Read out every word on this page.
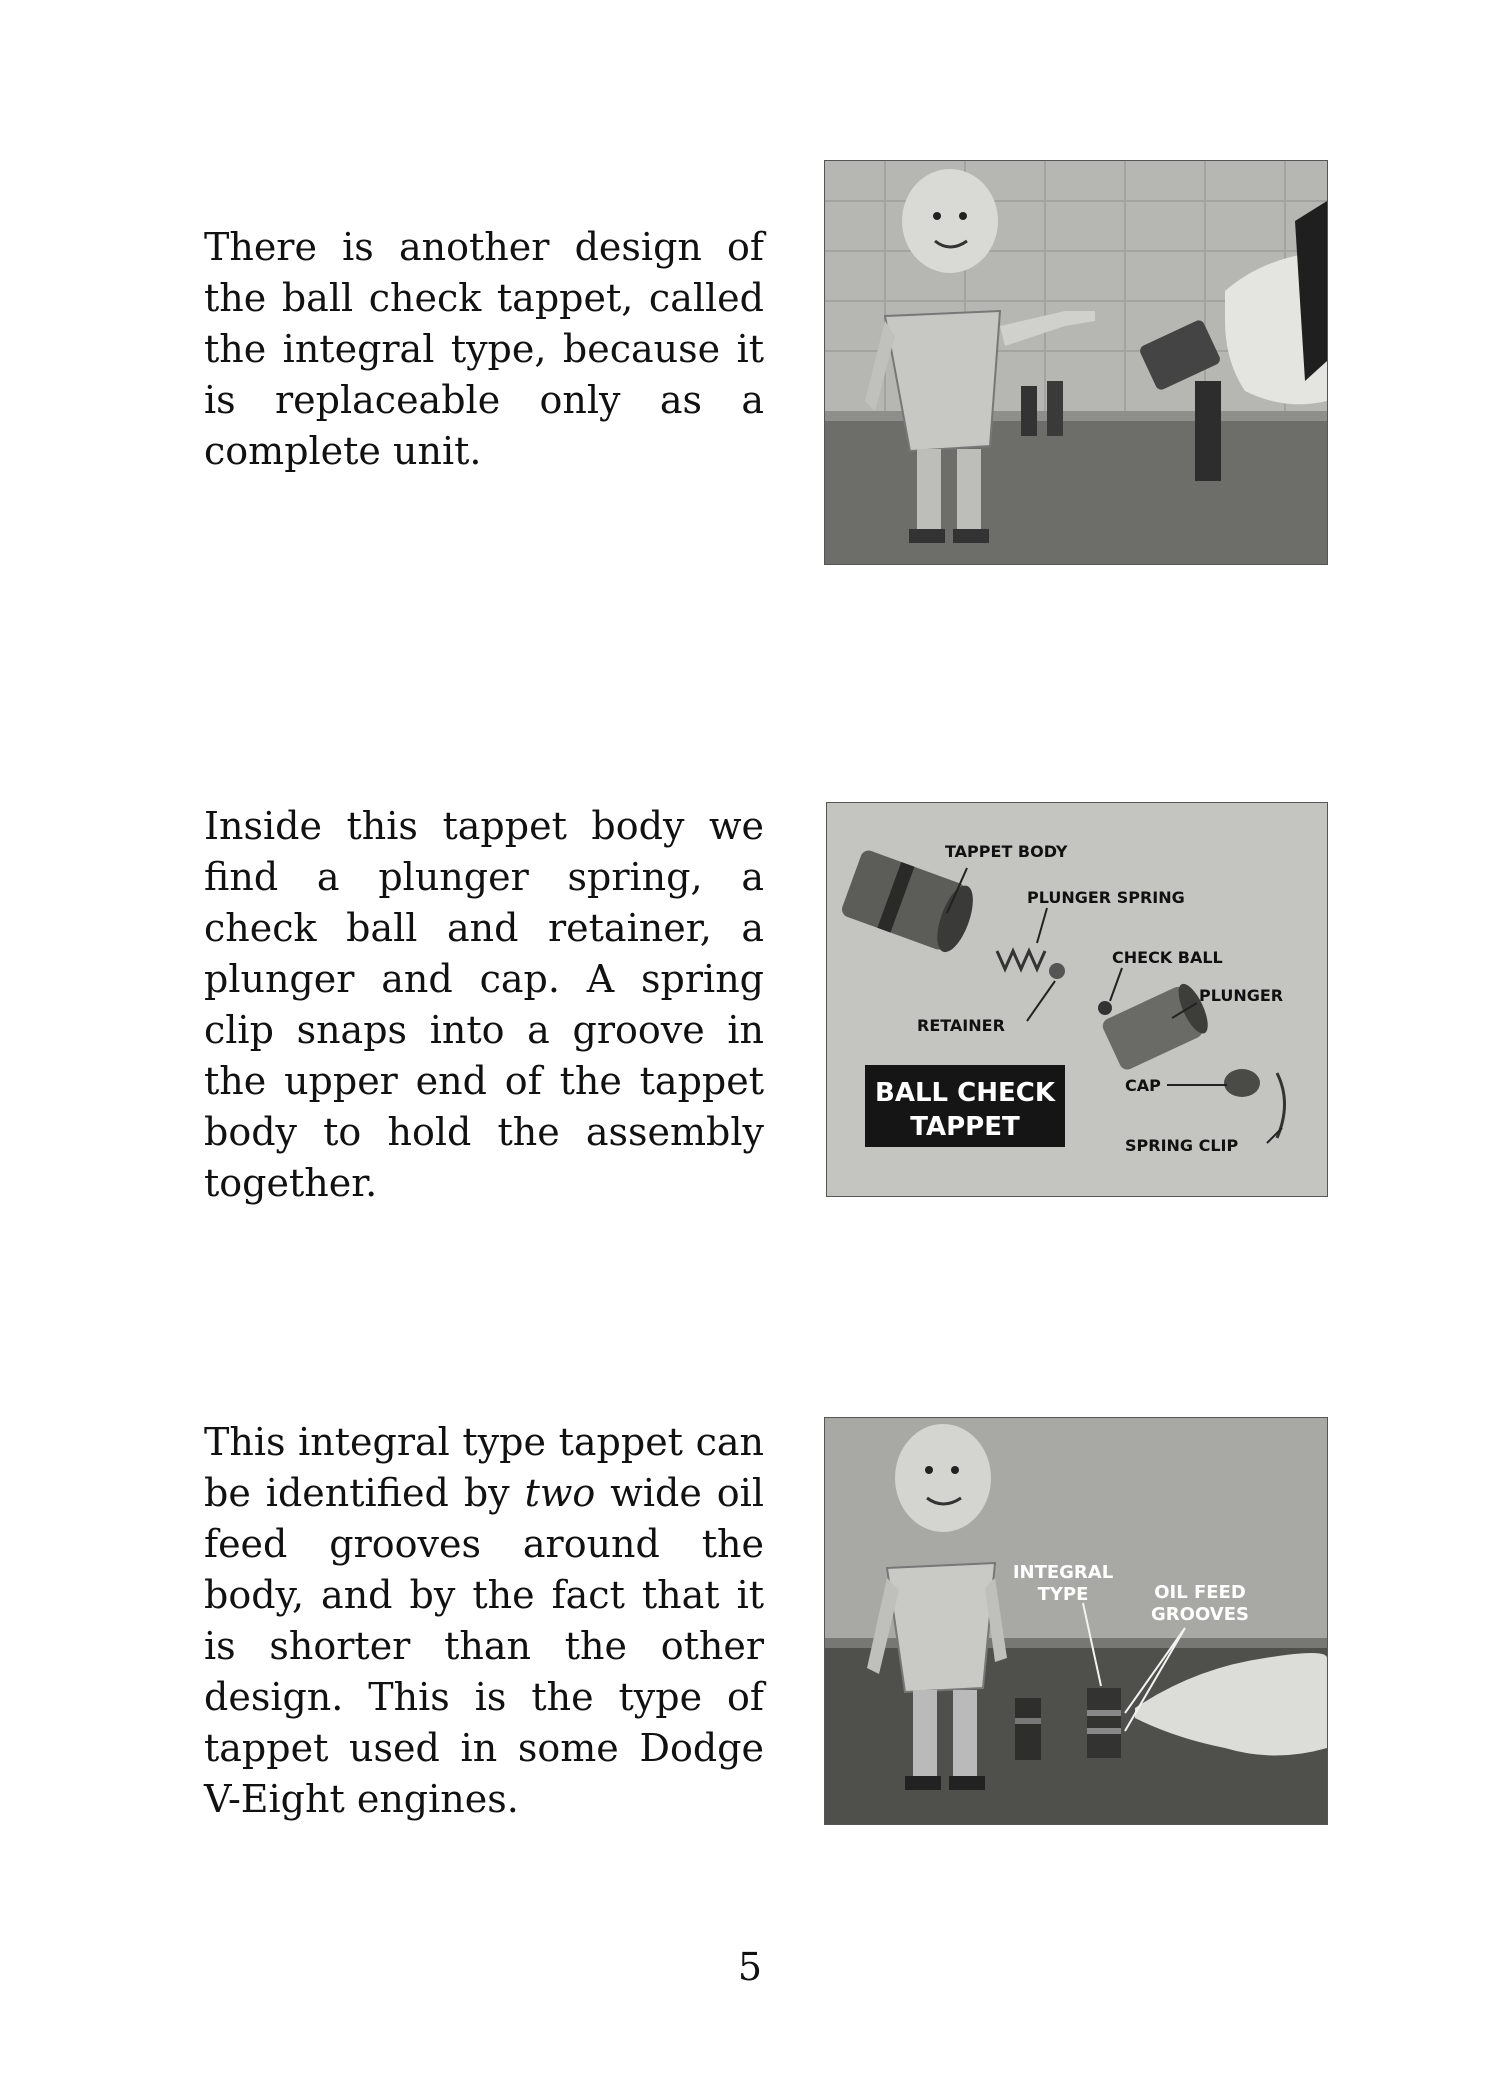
There is another design of the ball check tappet, called the integral type, because it is replaceable only as a complete unit.

Inside this tappet body we find a plunger spring, a check ball and retainer, a plunger and cap. A spring clip snaps into a groove in the upper end of the tappet body to hold the assembly together.

TAPPET BODY
PLUNGER SPRING
CHECK BALL
PLUNGER
RETAINER
CAP
SPRING CLIP
BALL CHECK
TAPPET

This integral type tappet can be identified by two wide oil feed grooves around the body, and by the fact that it is shorter than the other design. This is the type of tappet used in some Dodge V-Eight engines.

INTEGRAL
TYPE	OIL FEED
GROOVES
5
